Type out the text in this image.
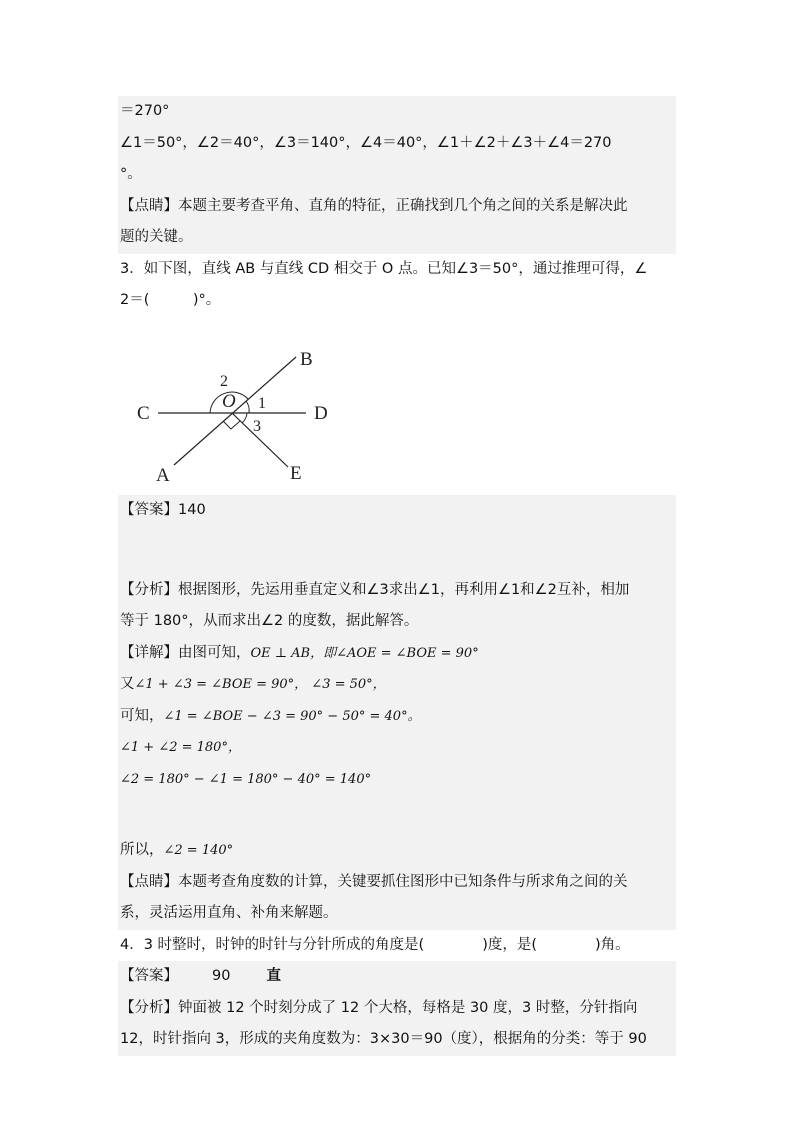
＝270°
∠1＝50°，∠2＝40°，∠3＝140°，∠4＝40°，∠1＋∠2＋∠3＋∠4＝270
°。
【点睛】本题主要考查平角、直角的特征，正确找到几个角之间的关系是解决此
题的关键。
3．如下图，直线 AB 与直线 CD 相交于 O 点。已知∠3＝50°，通过推理可得，∠
2＝(　　　)°。
B
C	D
O 1
2
3
A	E
【答案】140
【分析】根据图形，先运用垂直定义和∠3求出∠1，再利用∠1和∠2互补，相加
等于 180°，从而求出∠2 的度数，据此解答。
【详解】由图可知，OE ⊥ AB，即∠AOE = ∠BOE = 90°
又∠1 + ∠3 = ∠BOE = 90°， ∠3 = 50°，
可知，∠1 = ∠BOE − ∠3 = 90° − 50° = 40°。
∠1 + ∠2 = 180°，
∠2 = 180° − ∠1 = 180° − 40° = 140°
所以，∠2 = 140°
【点睛】本题考查角度数的计算，关键要抓住图形中已知条件与所求角之间的关
系，灵活运用直角、补角来解题。
4．3 时整时，时钟的时针与分针所成的角度是(　　　　)度，是(　　　　)角。
【答案】 90 直
【分析】钟面被 12 个时刻分成了 12 个大格，每格是 30 度，3 时整，分针指向
12，时针指向 3，形成的夹角度数为：3×30＝90（度），根据角的分类：等于 90
